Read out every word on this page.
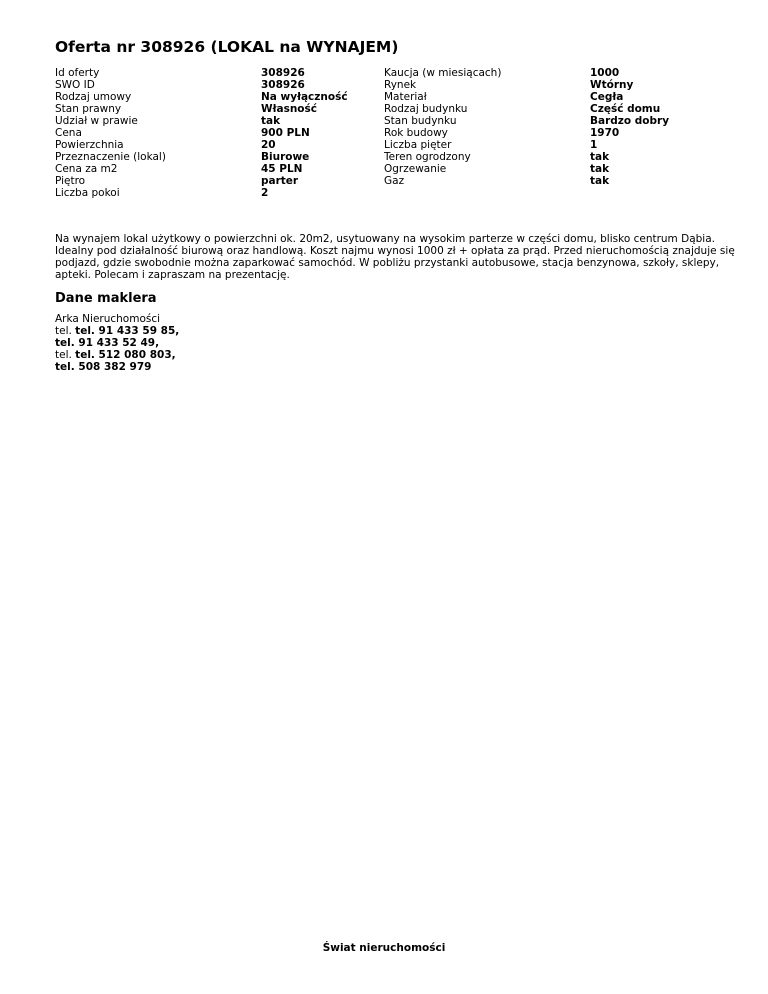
Oferta nr 308926 (LOKAL na WYNAJEM)
Id oferty
SWO ID
Rodzaj umowy
Stan prawny
Udział w prawie
Cena
Powierzchnia
Przeznaczenie (lokal)
Cena za m2
Piętro
Liczba pokoi
308926
308926
Na wyłączność
Własność
tak
900 PLN
20
Biurowe
45 PLN
parter
2
Kaucja (w miesiącach)
Rynek
Materiał
Rodzaj budynku
Stan budynku
Rok budowy
Liczba pięter
Teren ogrodzony
Ogrzewanie
Gaz
1000
Wtórny
Cegła
Część domu
Bardzo dobry
1970
1
tak
tak
tak

Na wynajem lokal użytkowy o powierzchni ok. 20m2, usytuowany na wysokim parterze w części domu, blisko centrum Dąbia. Idealny pod działalność biurową oraz handlową. Koszt najmu wynosi 1000 zł + opłata za prąd. Przed nieruchomością znajduje się podjazd, gdzie swobodnie można zaparkować samochód. W pobliżu przystanki autobusowe, stacja benzynowa, szkoły, sklepy, apteki. Polecam i zapraszam na prezentację.

Dane maklera
Arka Nieruchomości
tel. tel. 91 433 59 85,
tel. 91 433 52 49,
tel. tel. 512 080 803,
tel. 508 382 979
Świat nieruchomości
